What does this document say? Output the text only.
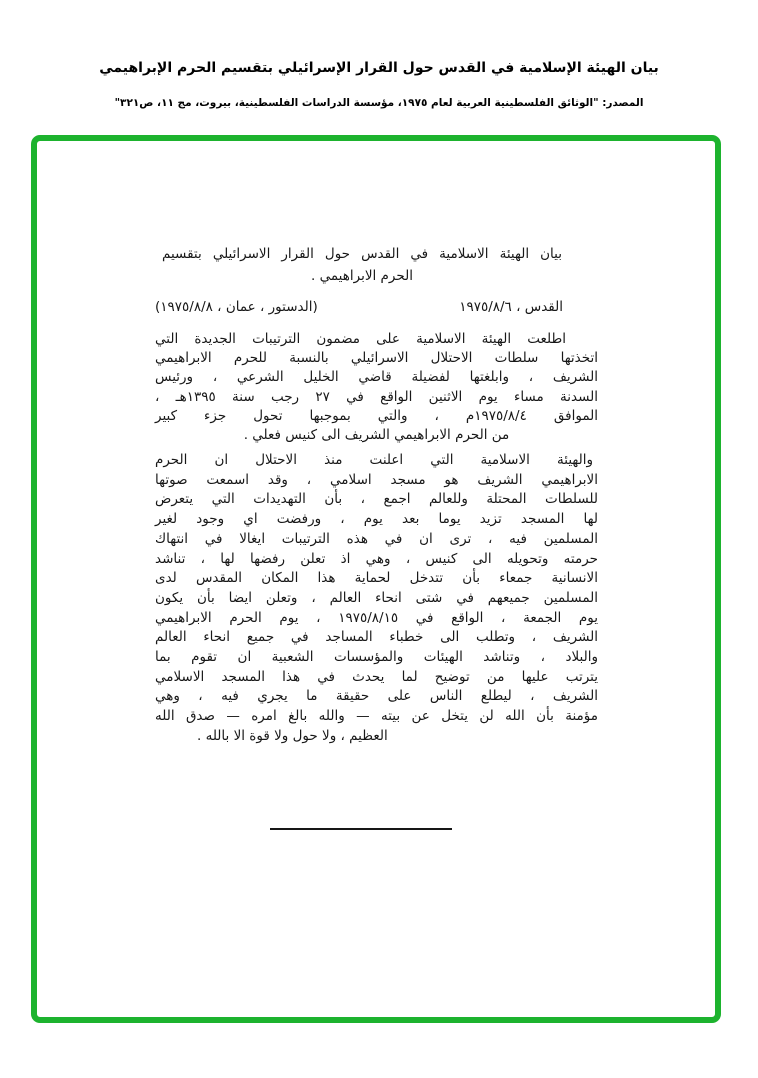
بيان الهيئة الإسلامية في القدس حول القرار الإسرائيلي بتقسيم الحرم الإبراهيمي
المصدر: "الوثائق الفلسطينية العربية لعام ١٩٧٥، مؤسسة الدراسات الفلسطينية، بيروت، مج ١١، ص٣٢١"
بيان الهيئة الاسلامية في القدس حول القرار الاسرائيلي بتقسيم
الحرم الابراهيمي .
القدس ، ١٩٧٥/٨/٦
(الدستور ، عمان ، ١٩٧٥/٨/٨)
اطلعت الهيئة الاسلامية على مضمون الترتيبات الجديدة التي
اتخذتها سلطات الاحتلال الاسرائيلي بالنسبة للحرم الابراهيمي
الشريف ، وابلغتها لفضيلة قاضي الخليل الشرعي ، ورئيس
السدنة مساء يوم الاثنين الواقع في ٢٧ رجب سنة ١٣٩٥هـ ،
الموافق ١٩٧٥/٨/٤م ، والتي بموجبها تحول جزء كبير
من الحرم الابراهيمي الشريف الى كنيس فعلي .
والهيئة الاسلامية التي اعلنت منذ الاحتلال ان الحرم
الابراهيمي الشريف هو مسجد اسلامي ، وقد اسمعت صوتها
للسلطات المحتلة وللعالم اجمع ، بأن التهديدات التي يتعرض
لها المسجد تزيد يوما بعد يوم ، ورفضت اي وجود لغير
المسلمين فيه ، ترى ان في هذه الترتيبات ايغالا في انتهاك
حرمته وتحويله الى كنيس ، وهي اذ تعلن رفضها لها ، تناشد
الانسانية جمعاء بأن تتدخل لحماية هذا المكان المقدس لدى
المسلمين جميعهم في شتى انحاء العالم ، وتعلن ايضا بأن يكون
يوم الجمعة ، الواقع في ١٩٧٥/٨/١٥ ، يوم الحرم الابراهيمي
الشريف ، وتطلب الى خطباء المساجد في جميع انحاء العالم
والبلاد ، وتناشد الهيئات والمؤسسات الشعبية ان تقوم بما
يترتب عليها من توضيح لما يحدث في هذا المسجد الاسلامي
الشريف ، ليطلع الناس على حقيقة ما يجري فيه ، وهي
مؤمنة بأن الله لن يتخل عن بيته — والله بالغ امره — صدق الله
العظيم ، ولا حول ولا قوة الا بالله .
